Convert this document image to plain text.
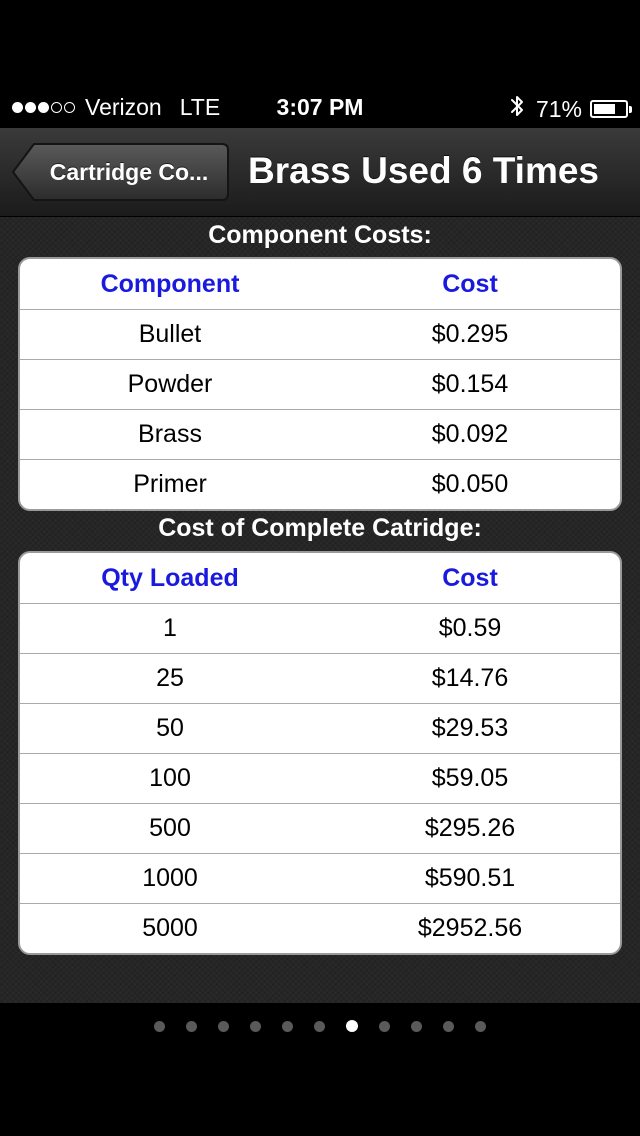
Verizon LTE	3:07 PM	71%
Cartridge Co...	Brass Used 6 Times
Component Costs:
Component	Cost
Bullet	$0.295
Powder	$0.154
Brass	$0.092
Primer	$0.050
Cost of Complete Catridge:
Qty Loaded	Cost
1	$0.59
25	$14.76
50	$29.53
100	$59.05
500	$295.26
1000	$590.51
5000	$2952.56
